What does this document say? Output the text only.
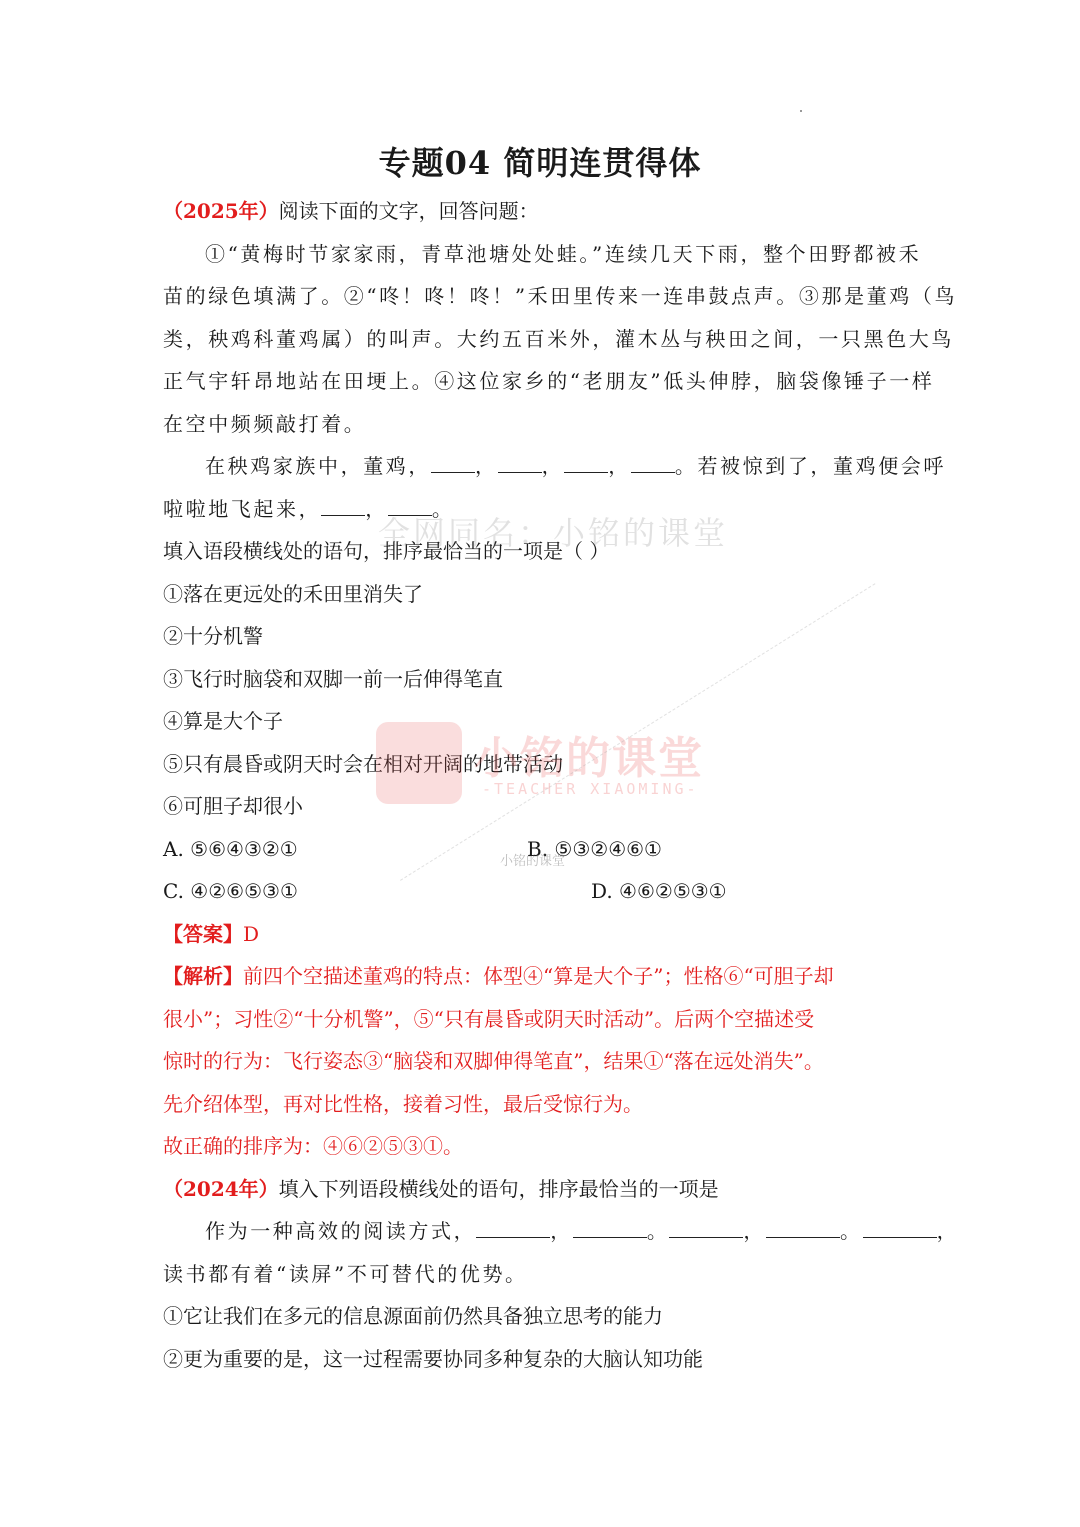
专题04 简明连贯得体
（2025年）阅读下面的文字，回答问题：
①“黄梅时节家家雨，青草池塘处处蛙。”连续几天下雨，整个田野都被禾
苗的绿色填满了。②“咚！咚！咚！”禾田里传来一连串鼓点声。③那是董鸡（鸟
类，秧鸡科董鸡属）的叫声。大约五百米外，灌木丛与秧田之间，一只黑色大鸟
正气宇轩昂地站在田埂上。④这位家乡的“老朋友”低头伸脖，脑袋像锤子一样
在空中频频敲打着。
在秧鸡家族中，董鸡， ， ， ， 。若被惊到了，董鸡便会呼
啦啦地飞起来， ， 。
填入语段横线处的语句，排序最恰当的一项是（ ）
①落在更远处的禾田里消失了
②十分机警
③飞行时脑袋和双脚一前一后伸得笔直
④算是大个子
⑤只有晨昏或阴天时会在相对开阔的地带活动
⑥可胆子却很小
A. ⑤⑥④③②①	B. ⑤③②④⑥①
C. ④②⑥⑤③①	D. ④⑥②⑤③①
【答案】D
【解析】前四个空描述董鸡的特点：体型④“算是大个子”；性格⑥“可胆子却
很小”；习性②“十分机警”，⑤“只有晨昏或阴天时活动”。后两个空描述受
惊时的行为：飞行姿态③“脑袋和双脚伸得笔直”，结果①“落在远处消失”。
先介绍体型，再对比性格，接着习性，最后受惊行为。
故正确的排序为：④⑥②⑤③①。
（2024年）填入下列语段横线处的语句，排序最恰当的一项是
作为一种高效的阅读方式，	，	。	，	。	，
读书都有着“读屏”不可替代的优势。
①它让我们在多元的信息源面前仍然具备独立思考的能力
②更为重要的是，这一过程需要协同多种复杂的大脑认知功能
全网同名：小铭的课堂
小铭的课堂
-TEACHER XIAOMING-
小铭的课堂
